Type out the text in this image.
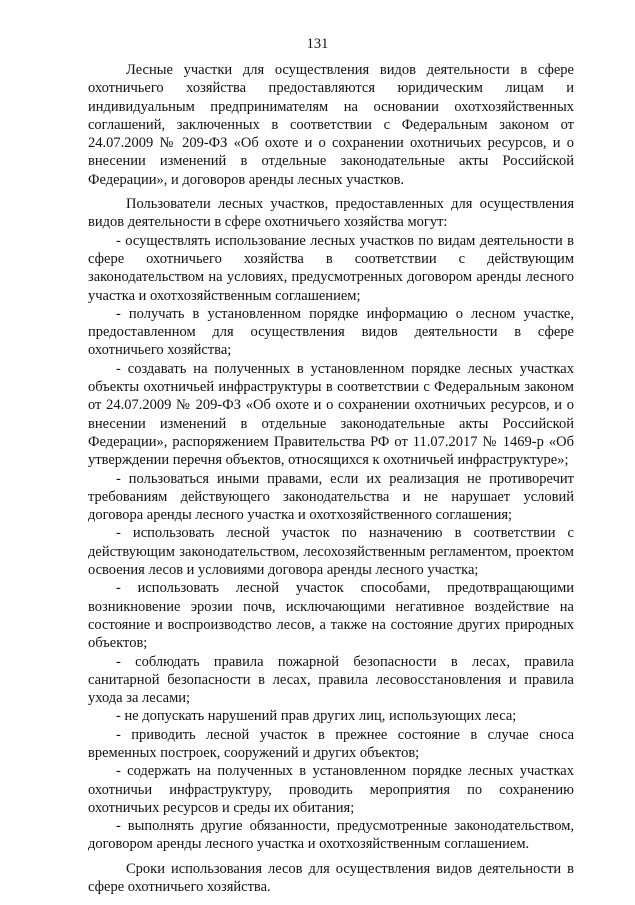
131

Лесные участки для осуществления видов деятельности в сфере охотничьего хозяйства предоставляются юридическим лицам и индивидуальным предпринимателям на основании охотхозяйственных соглашений, заключенных в соответствии с Федеральным законом от 24.07.2009 № 209-ФЗ «Об охоте и о сохранении охотничьих ресурсов, и о внесении изменений в отдельные законодательные акты Российской Федерации», и договоров аренды лесных участков.

Пользователи лесных участков, предоставленных для осуществления видов деятельности в сфере охотничьего хозяйства могут:

- осуществлять использование лесных участков по видам деятельности в сфере охотничьего хозяйства в соответствии с действующим законодательством на условиях, предусмотренных договором аренды лесного участка и охотхозяйственным соглашением;

- получать в установленном порядке информацию о лесном участке, предоставленном для осуществления видов деятельности в сфере охотничьего хозяйства;

- создавать на полученных в установленном порядке лесных участках объекты охотничьей инфраструктуры в соответствии с Федеральным законом от 24.07.2009 № 209-ФЗ «Об охоте и о сохранении охотничьих ресурсов, и о внесении изменений в отдельные законодательные акты Российской Федерации», распоряжением Правительства РФ от 11.07.2017 № 1469-р «Об утверждении перечня объектов, относящихся к охотничьей инфраструктуре»;

- пользоваться иными правами, если их реализация не противоречит требованиям действующего законодательства и не нарушает условий договора аренды лесного участка и охотхозяйственного соглашения;

- использовать лесной участок по назначению в соответствии с действующим законодательством, лесохозяйственным регламентом, проектом освоения лесов и условиями договора аренды лесного участка;

- использовать лесной участок способами, предотвращающими возникновение эрозии почв, исключающими негативное воздействие на состояние и воспроизводство лесов, а также на состояние других природных объектов;

- соблюдать правила пожарной безопасности в лесах, правила санитарной безопасности в лесах, правила лесовосстановления и правила ухода за лесами;

- не допускать нарушений прав других лиц, использующих леса;

- приводить лесной участок в прежнее состояние в случае сноса временных построек, сооружений и других объектов;

- содержать на полученных в установленном порядке лесных участках охотничьи инфраструктуру, проводить мероприятия по сохранению охотничьих ресурсов и среды их обитания;

- выполнять другие обязанности, предусмотренные законодательством, договором аренды лесного участка и охотхозяйственным соглашением.

Сроки использования лесов для осуществления видов деятельности в сфере охотничьего хозяйства.
